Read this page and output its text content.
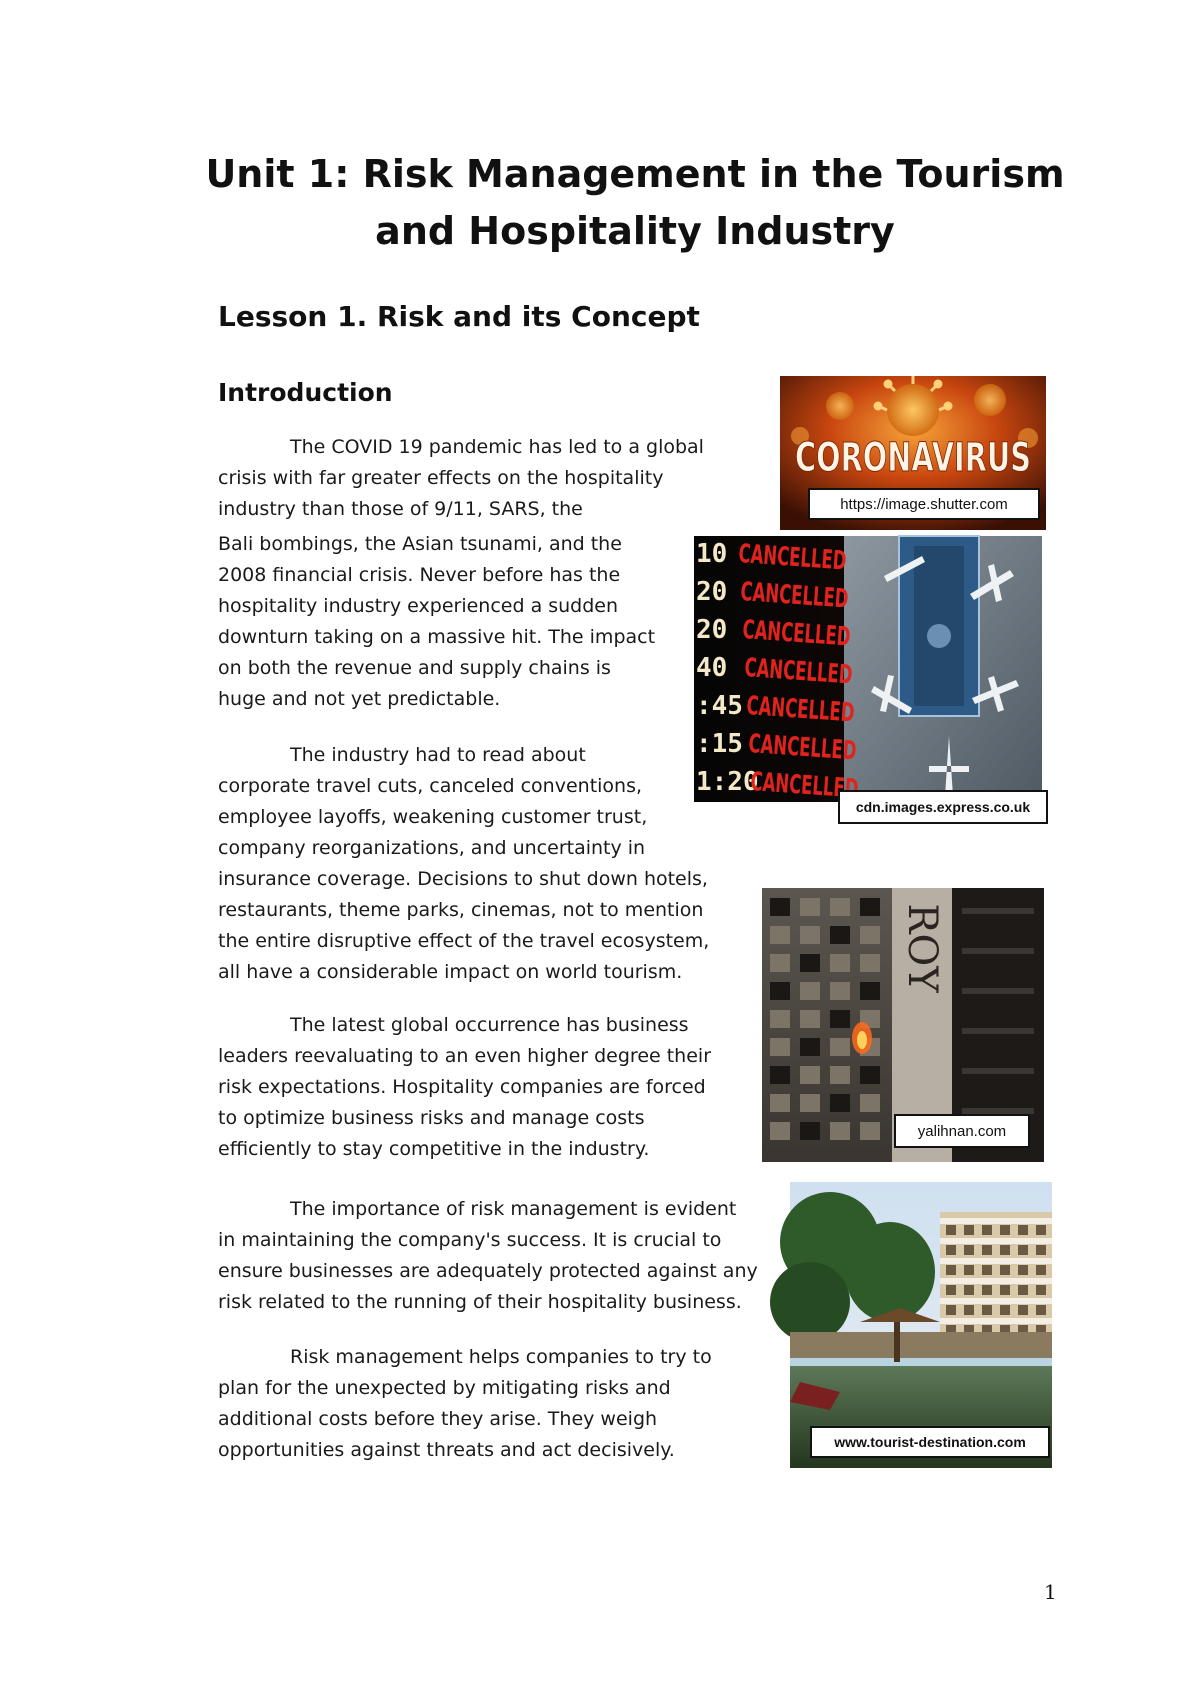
Unit 1: Risk Management in the Tourism
and Hospitality Industry
Lesson 1. Risk and its Concept
Introduction
The COVID 19 pandemic has led to a global
crisis with far greater effects on the hospitality
industry than those of 9/11, SARS, the
Bali bombings, the Asian tsunami, and the
2008 financial crisis. Never before has the
hospitality industry experienced a sudden
downturn taking on a massive hit. The impact
on both the revenue and supply chains is
huge and not yet predictable.
The industry had to read about
corporate travel cuts, canceled conventions,
employee layoffs, weakening customer trust,
company reorganizations, and uncertainty in
insurance coverage. Decisions to shut down hotels,
restaurants, theme parks, cinemas, not to mention
the entire disruptive effect of the travel ecosystem,
all have a considerable impact on world tourism.
The latest global occurrence has business
leaders reevaluating to an even higher degree their
risk expectations. Hospitality companies are forced
to optimize business risks and manage costs
efficiently to stay competitive in the industry.
The importance of risk management is evident
in maintaining the company's success. It is crucial to
ensure businesses are adequately protected against any
risk related to the running of their hospitality business.
Risk management helps companies to try to
plan for the unexpected by mitigating risks and
additional costs before they arise. They weigh
opportunities against threats and act decisively.
CORONAVIRUS
https://image.shutter.com
10 CANCELLED
20 CANCELLED
20 CANCELLED
40 CANCELLED
:45 CANCELLED
:15 CANCELLED
1:20
CANCELLED
cdn.images.express.co.uk
ROY
yalihnan.com
www.tourist-destination.com
1
